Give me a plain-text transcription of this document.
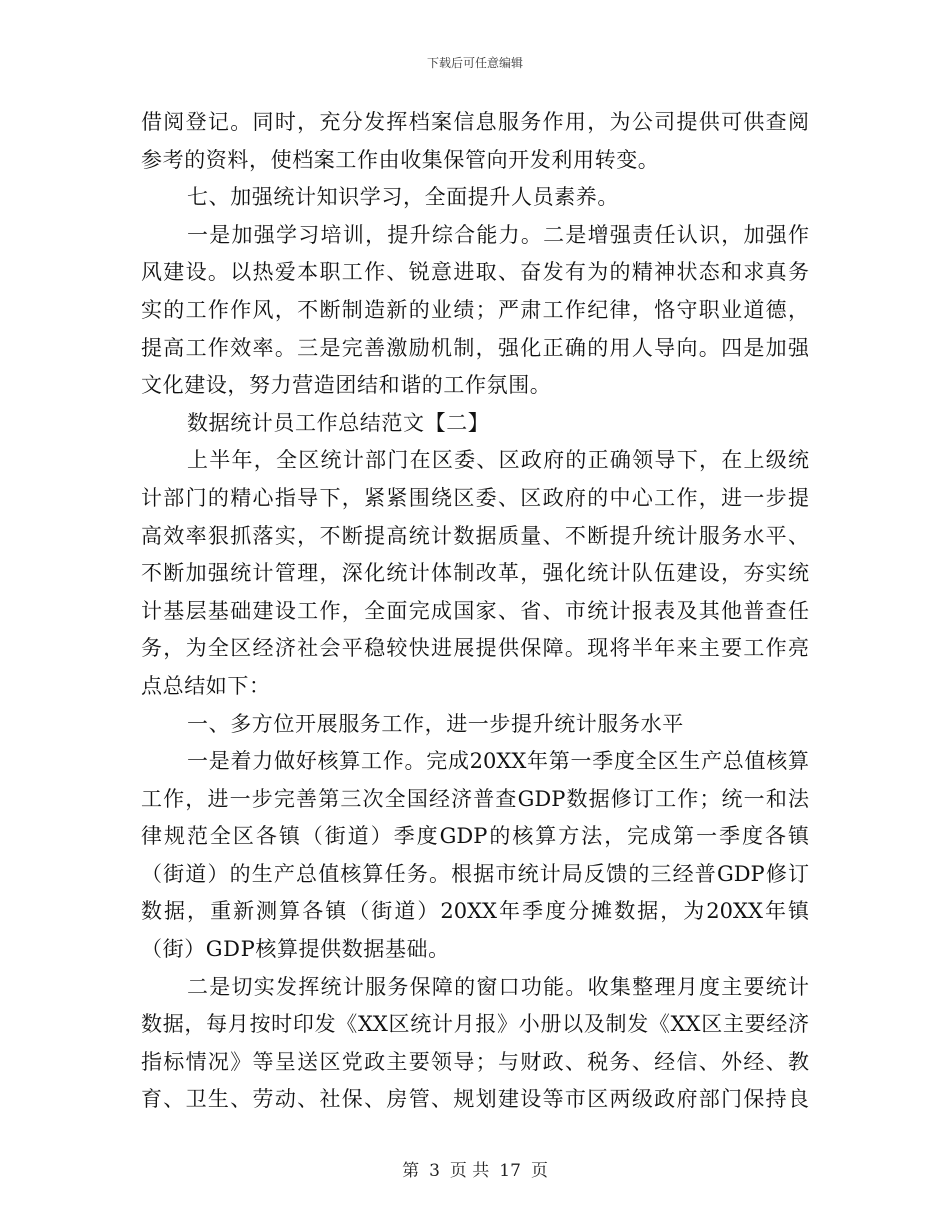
下载后可任意编辑
借阅登记。同时，充分发挥档案信息服务作用，为公司提供可供查阅
参考的资料，使档案工作由收集保管向开发利用转变。
七、加强统计知识学习，全面提升人员素养。
一是加强学习培训，提升综合能力。二是增强责任认识，加强作
风建设。以热爱本职工作、锐意进取、奋发有为的精神状态和求真务
实的工作作风，不断制造新的业绩；严肃工作纪律，恪守职业道德，
提高工作效率。三是完善激励机制，强化正确的用人导向。四是加强
文化建设，努力营造团结和谐的工作氛围。
数据统计员工作总结范文【二】
上半年，全区统计部门在区委、区政府的正确领导下，在上级统
计部门的精心指导下，紧紧围绕区委、区政府的中心工作，进一步提
高效率狠抓落实，不断提高统计数据质量、不断提升统计服务水平、
不断加强统计管理，深化统计体制改革，强化统计队伍建设，夯实统
计基层基础建设工作，全面完成国家、省、市统计报表及其他普查任
务，为全区经济社会平稳较快进展提供保障。现将半年来主要工作亮
点总结如下：
一、多方位开展服务工作，进一步提升统计服务水平
一是着力做好核算工作。完成20XX年第一季度全区生产总值核算
工作，进一步完善第三次全国经济普查GDP数据修订工作；统一和法
律规范全区各镇（街道）季度GDP的核算方法，完成第一季度各镇
（街道）的生产总值核算任务。根据市统计局反馈的三经普GDP修订
数据，重新测算各镇（街道）20XX年季度分摊数据，为20XX年镇
（街）GDP核算提供数据基础。
二是切实发挥统计服务保障的窗口功能。收集整理月度主要统计
数据，每月按时印发《XX区统计月报》小册以及制发《XX区主要经济
指标情况》等呈送区党政主要领导；与财政、税务、经信、外经、教
育、卫生、劳动、社保、房管、规划建设等市区两级政府部门保持良
第 3 页 共 17 页
